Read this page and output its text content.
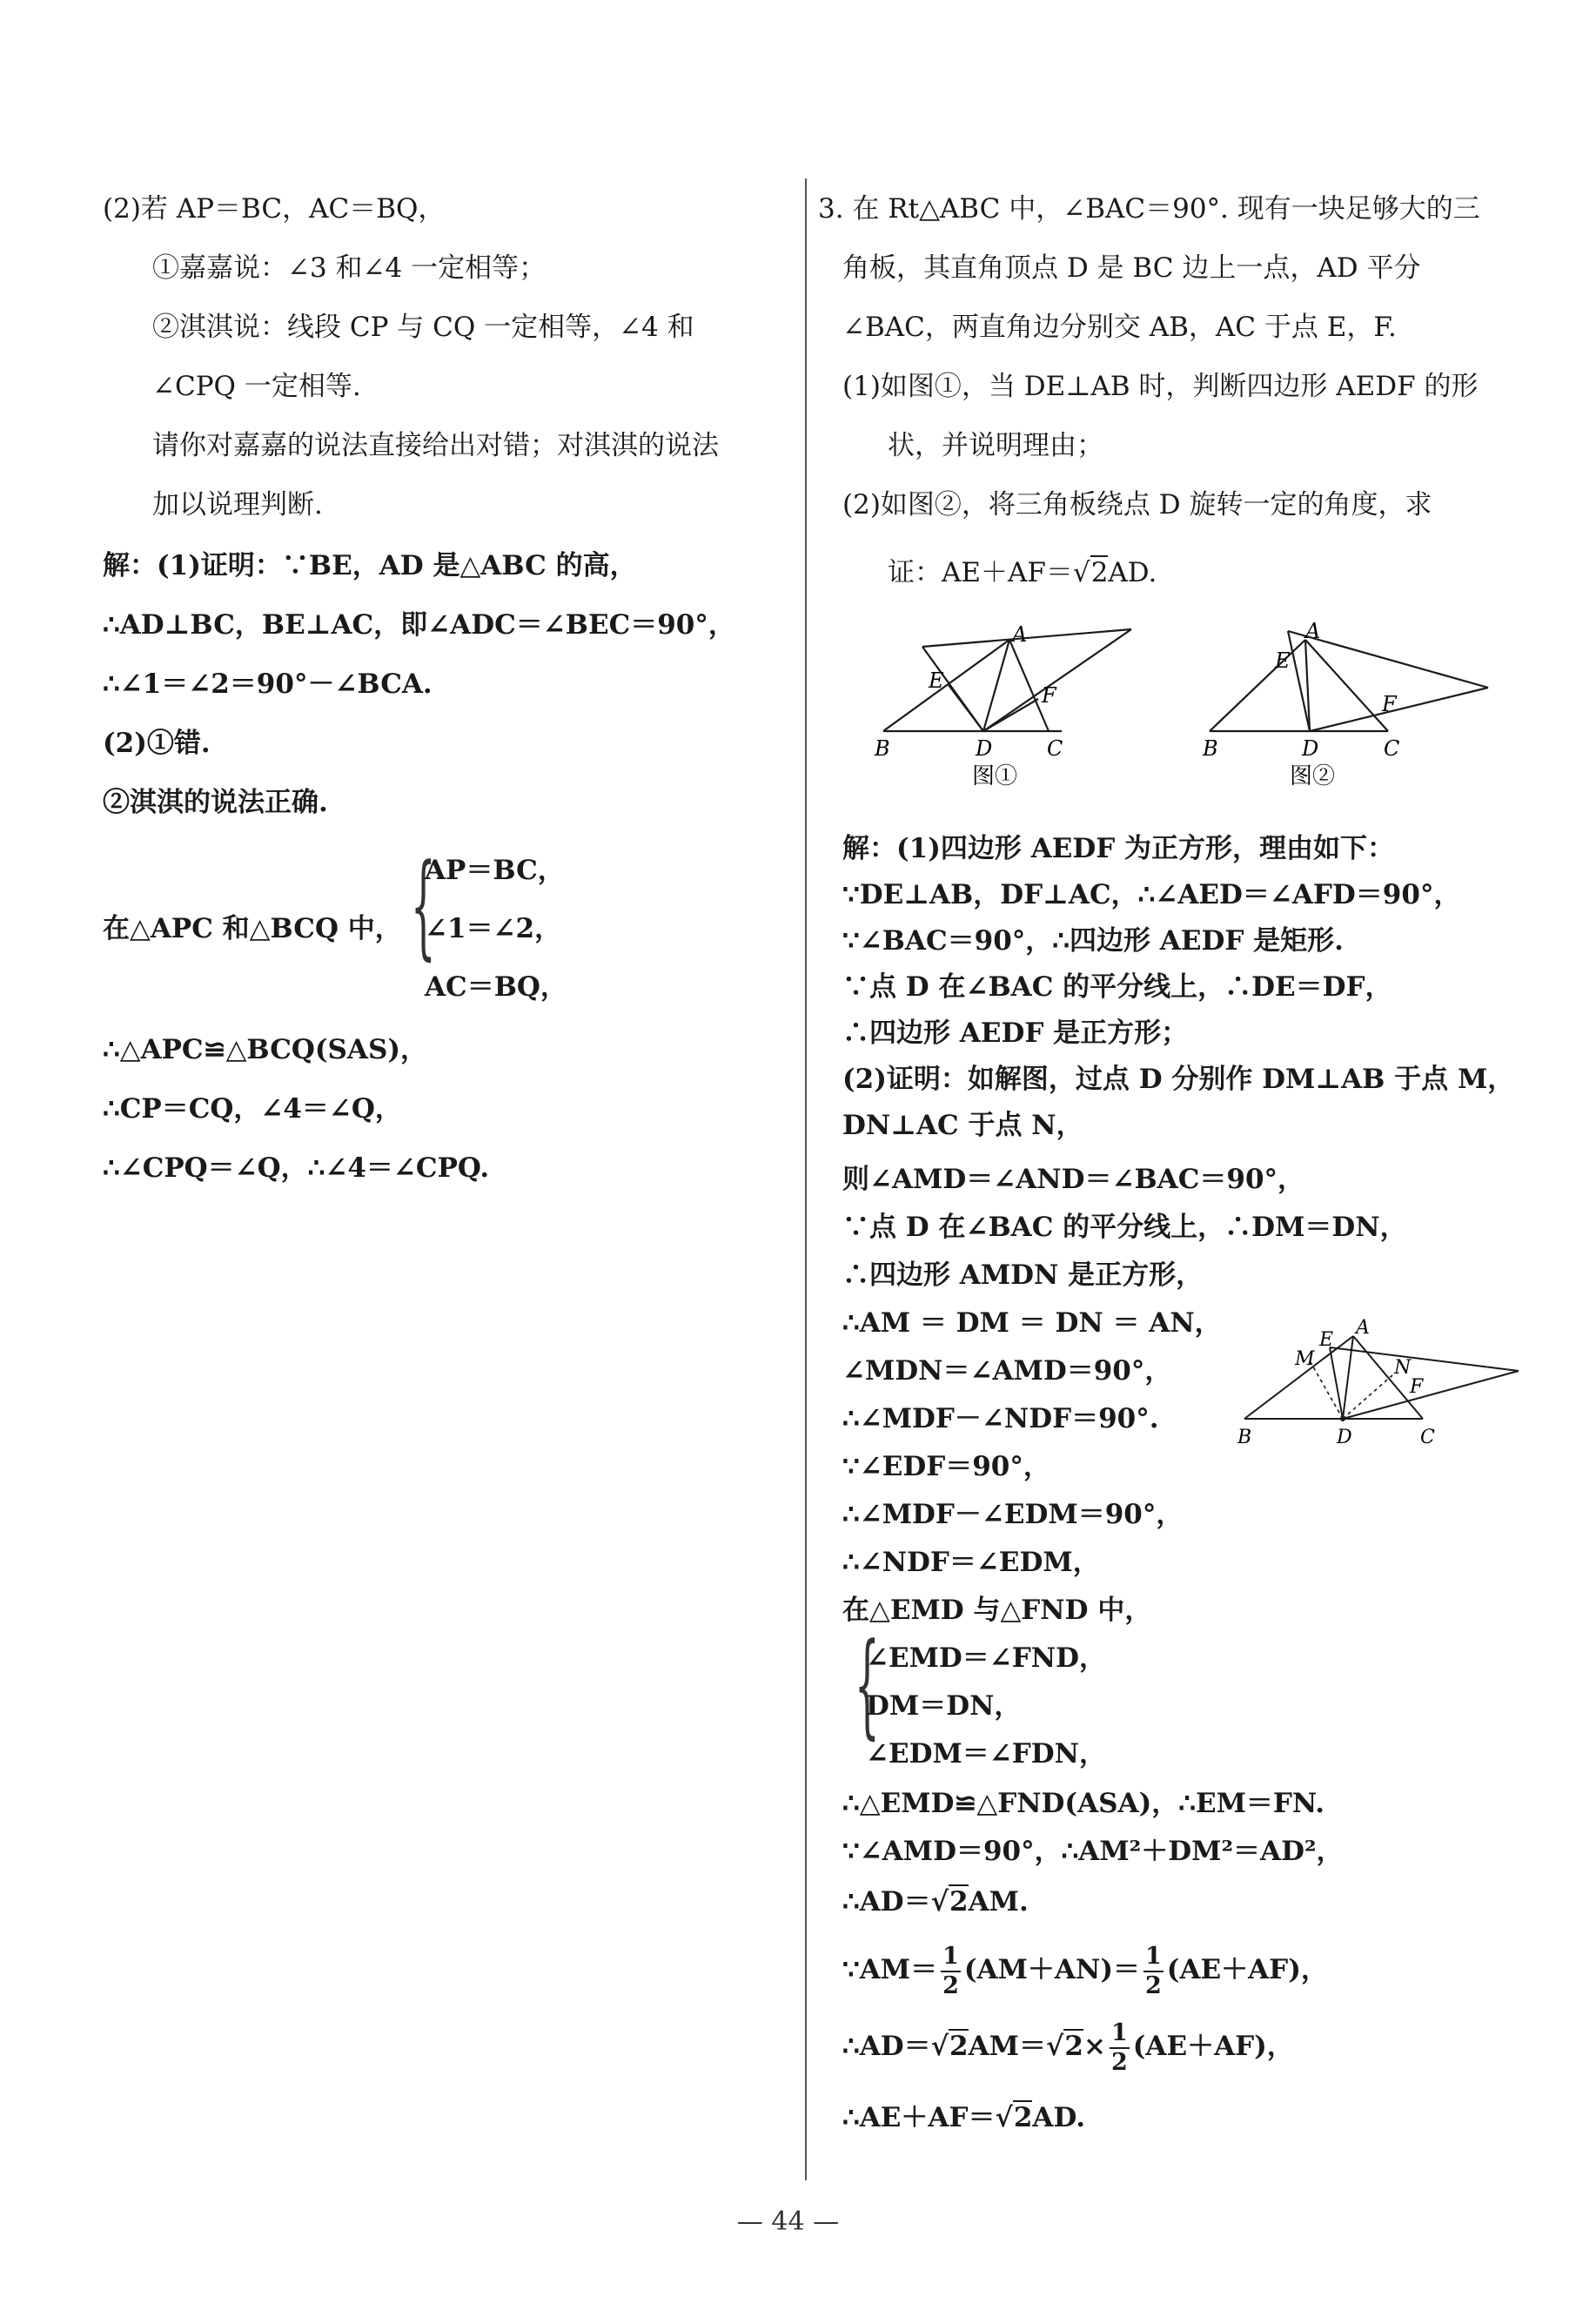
(2)若 AP＝BC，AC＝BQ，
①嘉嘉说：∠3 和∠4 一定相等；
②淇淇说：线段 CP 与 CQ 一定相等，∠4 和
∠CPQ 一定相等.
请你对嘉嘉的说法直接给出对错；对淇淇的说法
加以说理判断.
解：(1)证明：∵BE，AD 是△ABC 的高，
∴AD⊥BC，BE⊥AC，即∠ADC＝∠BEC＝90°，
∴∠1＝∠2＝90°－∠BCA.
(2)①错.
②淇淇的说法正确.
在△APC 和△BCQ 中， {
AP＝BC，
∠1＝∠2，
AC＝BQ，
∴△APC≌△BCQ(SAS)，
∴CP＝CQ，∠4＝∠Q，
∴∠CPQ＝∠Q，∴∠4＝∠CPQ.
3. 在 Rt△ABC 中，∠BAC＝90°. 现有一块足够大的三
角板，其直角顶点 D 是 BC 边上一点，AD 平分
∠BAC，两直角边分别交 AB，AC 于点 E，F.
(1)如图①，当 DE⊥AB 时，判断四边形 AEDF 的形
状，并说明理由；
(2)如图②，将三角板绕点 D 旋转一定的角度，求
证：AE＋AF＝√2AD.
A
B	C
D
E
F
图①
A
B	C
D
E
F
图②
解：(1)四边形 AEDF 为正方形，理由如下：
∵DE⊥AB，DF⊥AC，∴∠AED＝∠AFD＝90°，
∵∠BAC＝90°，∴四边形 AEDF 是矩形.
∵点 D 在∠BAC 的平分线上，∴DE＝DF，
∴四边形 AEDF 是正方形；
(2)证明：如解图，过点 D 分别作 DM⊥AB 于点 M，
DN⊥AC 于点 N，
则∠AMD＝∠AND＝∠BAC＝90°，
∵点 D 在∠BAC 的平分线上，∴DM＝DN，
∴四边形 AMDN 是正方形，
∴AM ＝ DM ＝ DN ＝ AN，
∠MDN＝∠AMD＝90°，
∴∠MDF－∠NDF＝90°.
∵∠EDF＝90°，
∴∠MDF－∠EDM＝90°，
∴∠NDF＝∠EDM，
在△EMD 与△FND 中，
A
B	C
D
E
F
M	N
{
∠EMD＝∠FND，
DM＝DN，
∠EDM＝∠FDN，
∴△EMD≌△FND(ASA)，∴EM＝FN.
∵∠AMD＝90°，∴AM²＋DM²＝AD²，
∴AD＝√2AM.
∵AM＝ $\frac{1}{2} (AM+AN)= \frac{1}{2} (AE+AF)$，
∴AD＝√2AM＝√2× $\frac{1}{2} (AE+AF)$，
∴AE＋AF＝√2AD.
— 44 —
